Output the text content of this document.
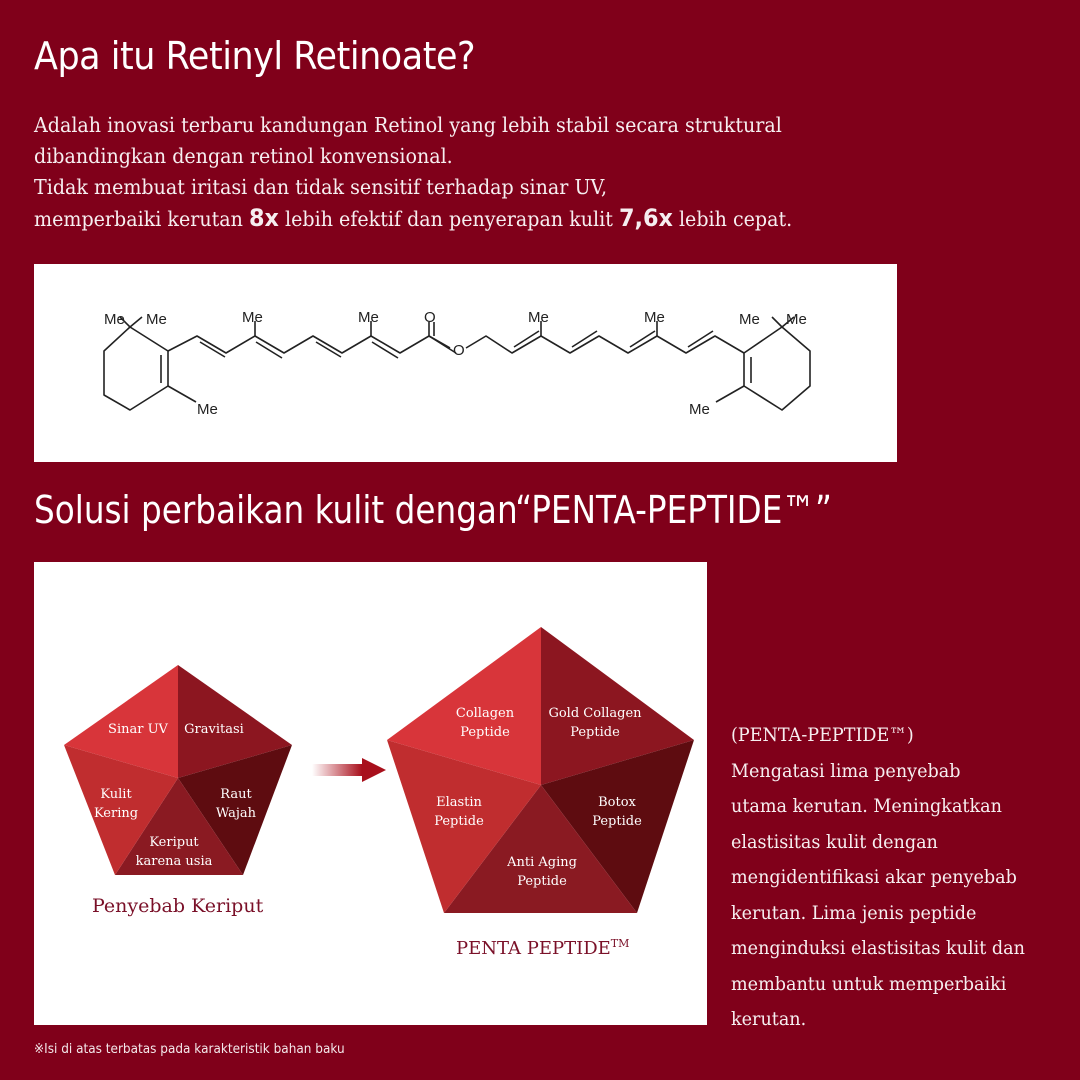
Apa itu Retinyl Retinoate?
Adalah inovasi terbaru kandungan Retinol yang lebih stabil secara struktural
dibandingkan dengan retinol konvensional.
Tidak membuat iritasi dan tidak sensitif terhadap sinar UV,
memperbaiki kerutan 8x lebih efektif dan penyerapan kulit 7,6x lebih cepat.
Me Me
Me
Me	Me	O
O
Me	Me	Me Me
Me
Solusi perbaikan kulit dengan“PENTA-PEPTIDE™”
Sinar UV Gravitasi
Raut
Wajah
Keriput
karena usia
Kulit
Kering
Collagen
Peptide
Gold Collagen
Peptide
Botox
Peptide
Anti Aging
Peptide
Elastin
Peptide
Penyebab Keriput
PENTA PEPTIDE™
(PENTA-PEPTIDE™)
Mengatasi lima penyebab
utama kerutan. Meningkatkan
elastisitas kulit dengan
mengidentifikasi akar penyebab
kerutan. Lima jenis peptide
menginduksi elastisitas kulit dan
membantu untuk memperbaiki
kerutan.
※Isi di atas terbatas pada karakteristik bahan baku
